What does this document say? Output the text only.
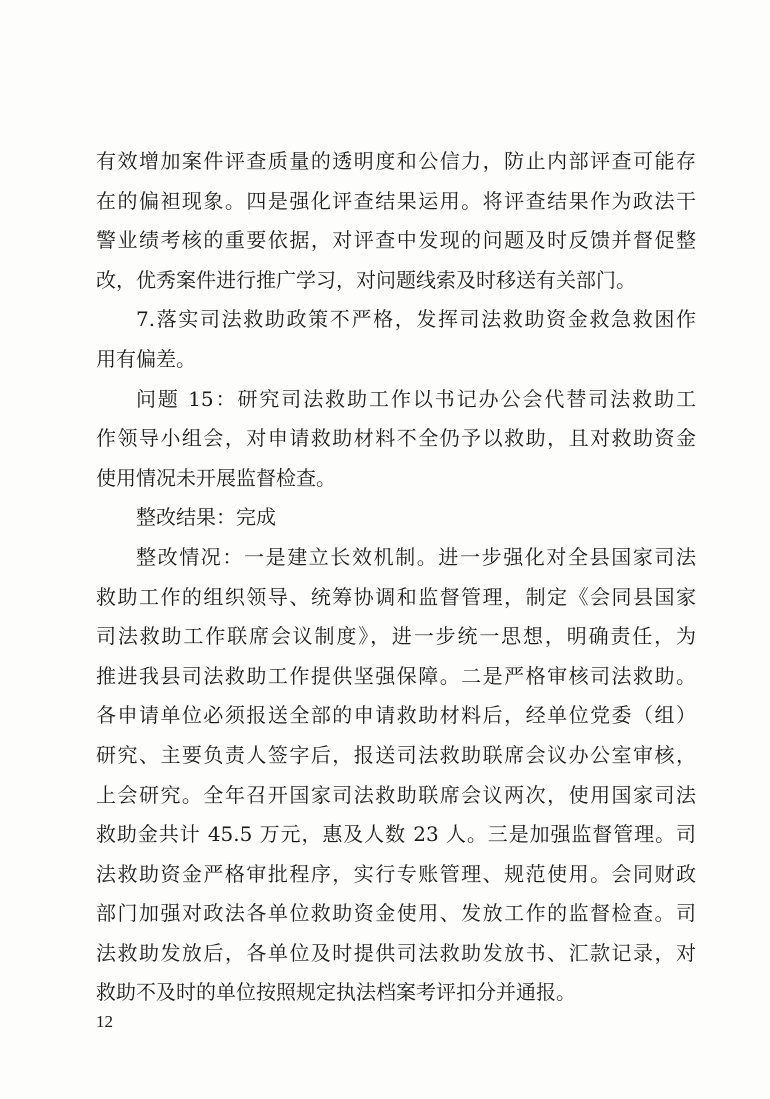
有效增加案件评查质量的透明度和公信力，防止内部评查可能存
在的偏袒现象。四是强化评查结果运用。将评查结果作为政法干
警业绩考核的重要依据，对评查中发现的问题及时反馈并督促整
改，优秀案件进行推广学习，对问题线索及时移送有关部门。
7.落实司法救助政策不严格，发挥司法救助资金救急救困作
用有偏差。
问题 15：研究司法救助工作以书记办公会代替司法救助工
作领导小组会，对申请救助材料不全仍予以救助，且对救助资金
使用情况未开展监督检查。
整改结果：完成
整改情况：一是建立长效机制。进一步强化对全县国家司法
救助工作的组织领导、统筹协调和监督管理，制定《会同县国家
司法救助工作联席会议制度》，进一步统一思想，明确责任，为
推进我县司法救助工作提供坚强保障。二是严格审核司法救助。
各申请单位必须报送全部的申请救助材料后，经单位党委（组）
研究、主要负责人签字后，报送司法救助联席会议办公室审核，
上会研究。全年召开国家司法救助联席会议两次，使用国家司法
救助金共计 45.5 万元，惠及人数 23 人。三是加强监督管理。司
法救助资金严格审批程序，实行专账管理、规范使用。会同财政
部门加强对政法各单位救助资金使用、发放工作的监督检查。司
法救助发放后，各单位及时提供司法救助发放书、汇款记录，对
救助不及时的单位按照规定执法档案考评扣分并通报。
12
